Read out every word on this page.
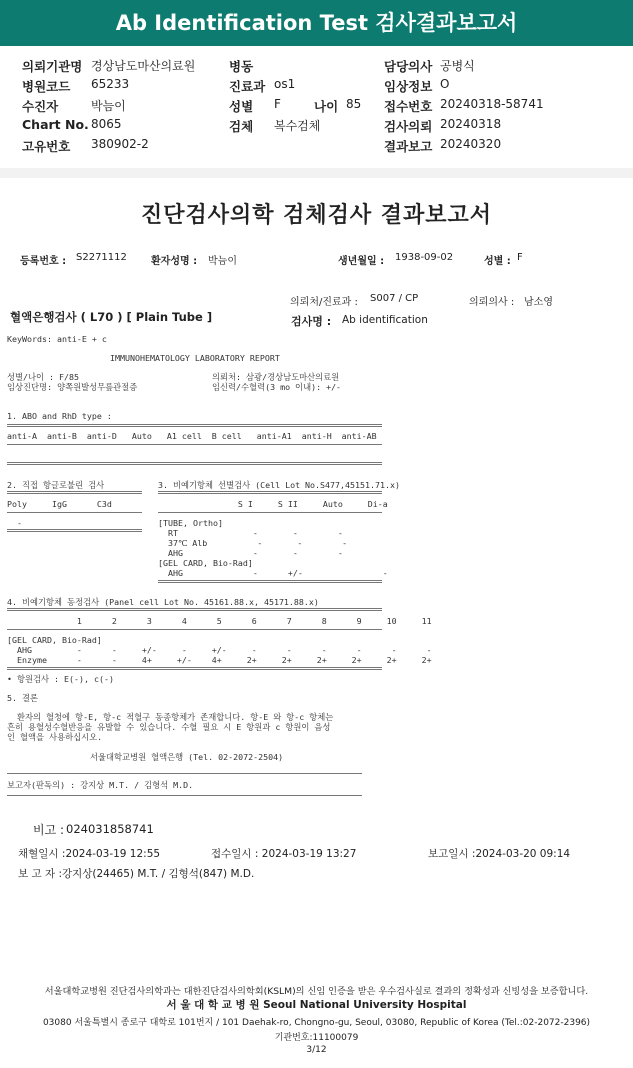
Ab Identification Test 검사결과보고서
의뢰기관명 경상남도마산의료원
병원코드 65233
수진자	박늠이
Chart No. 8065
고유번호 380902-2
병동
진료과 os1
성별 F	나이 85
검체 복수검체
담당의사 공병식
임상정보 O
접수번호 20240318-58741
검사의뢰 20240318
결과보고 20240320
진단검사의학 검체검사 결과보고서
등록번호 : S2271112 환자성명 : 박늠이	생년월일 : 1938-09-02	성별 : F
의뢰처/진료과 : S007 / CP	의뢰의사 : 남소영
혈액은행검사 ( L70 ) [ Plain Tube ]	검사명 : Ab identification
KeyWords: anti-E + c
IMMUNOHEMATOLOGY LABORATORY REPORT
성별/나이 : F/85
임상진단명: 양쪽원발성무릎관절증
의뢰처: 삼광/경상남도마산의료원
임신력/수혈력(3 mo 이내): +/-
1. ABO and RhD type :
anti-A  anti-B  anti-D   Auto   A1 cell  B cell   anti-A1  anti-H  anti-AB
2. 직접 항글로불린 검사
Poly     IgG      C3d
-
3. 비예기항체 선별검사 (Cell Lot No.S477,45151.71.x)
S I     S II     Auto     Di-a
[TUBE, Ortho]
RT               -       -        -
37℃ Alb          -       -        -
AHG              -       -        -
[GEL CARD, Bio-Rad]
AHG              -      +/-                -
4. 비예기항체 동정검사 (Panel cell Lot No. 45161.88.x, 45171.88.x)
1      2      3      4      5      6      7      8      9     10     11
[GEL CARD, Bio-Rad]
AHG         -      -     +/-     -     +/-     -      -      -      -      -      -
Enzyme      -      -     4+     +/-    4+     2+     2+     2+     2+     2+     2+
• 항원검사 : E(-), c(-)
5. 결론
환자의 혈청에 항-E, 항-c 적혈구 동종항체가 존재합니다. 항-E 와 항-c 항체는
흔히 용혈성수혈반응을 유발할 수 있습니다. 수혈 필요 시 E 항원과 c 항원이 음성
인 혈액을 사용하십시오.
서울대학교병원 혈액은행 (Tel. 02-2072-2504)
보고자(판독의) : 강지상 M.T. / 김형석 M.D.
비고 : 024031858741
채혈일시 :2024-03-19 12:55	접수일시 : 2024-03-19 13:27	보고일시 :2024-03-20 09:14
보 고 자 :강지상(24465) M.T. / 김형석(847) M.D.
서울대학교병원 진단검사의학과는 대한진단검사의학회(KSLM)의 신임 인증을 받은 우수검사실로 결과의 정확성과 신빙성을 보증합니다.
서 울 대 학 교 병 원 Seoul National University Hospital
03080 서울특별시 종로구 대학로 101번지 / 101 Daehak-ro, Chongno-gu, Seoul, 03080, Republic of Korea (Tel.:02-2072-2396)
기관번호:11100079
3/12
